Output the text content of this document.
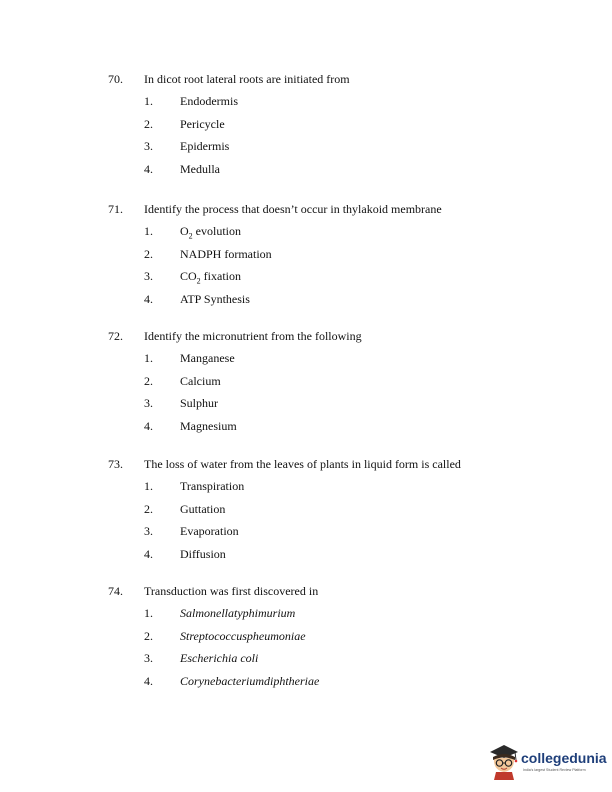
70. In dicot root lateral roots are initiated from
1. Endodermis
2. Pericycle
3. Epidermis
4. Medulla
71. Identify the process that doesn’t occur in thylakoid membrane
1. $O_2$ evolution
2. NADPH formation
3. $CO_2$ fixation
4. ATP Synthesis
72. Identify the micronutrient from the following
1. Manganese
2. Calcium
3. Sulphur
4. Magnesium
73. The loss of water from the leaves of plants in liquid form is called
1. Transpiration
2. Guttation
3. Evaporation
4. Diffusion
74. Transduction was first discovered in
1. Salmonellatyphimurium
2. Streptococcuspheumoniae
3. Escherichia coli
4. Corynebacteriumdiphtheriae
collegedunia
India's largest Student Review Platform
